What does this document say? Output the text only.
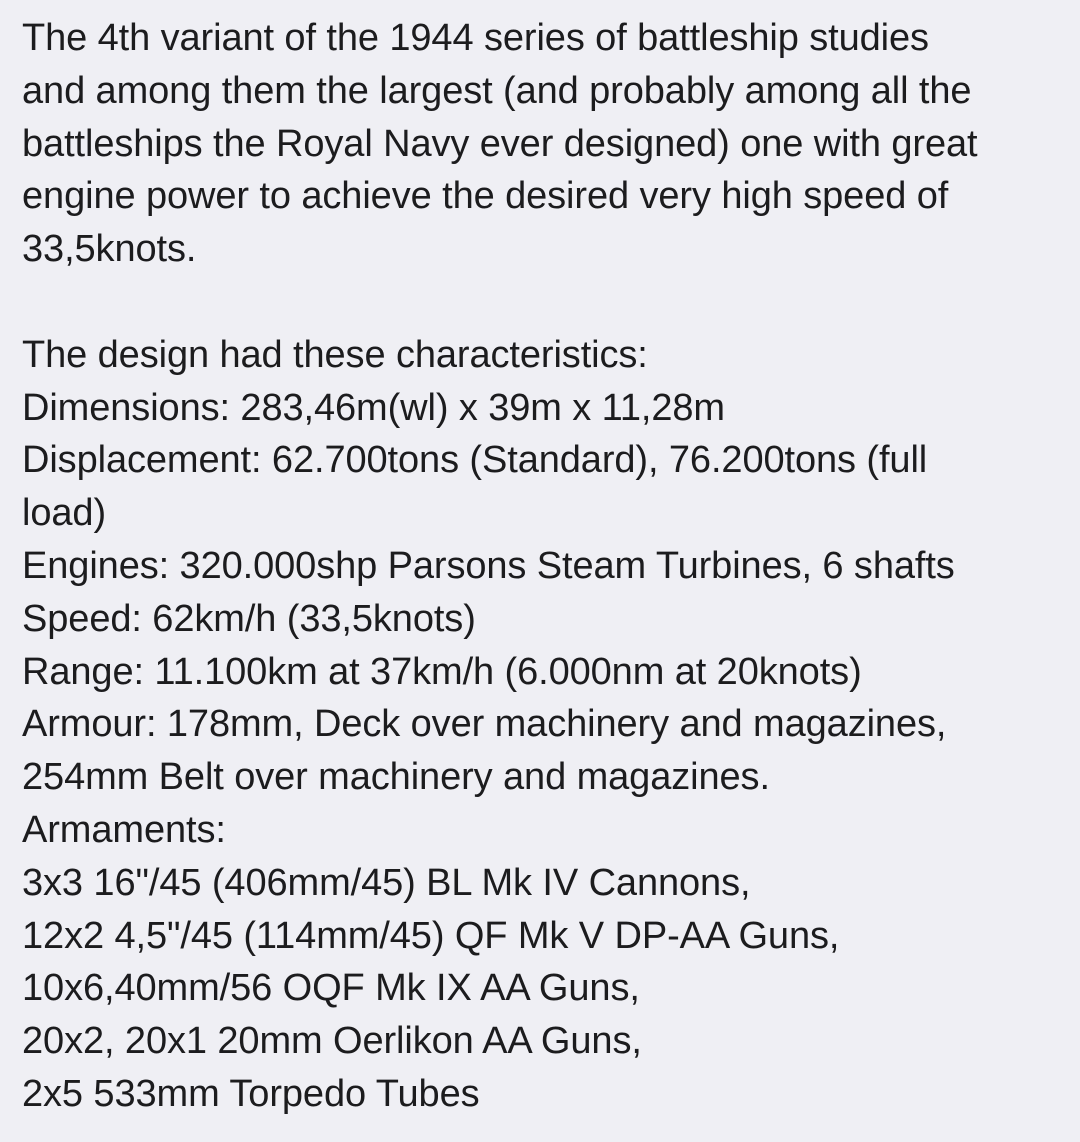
The 4th variant of the 1944 series of battleship studies
and among them the largest (and probably among all the
battleships the Royal Navy ever designed) one with great
engine power to achieve the desired very high speed of
33,5knots.
The design had these characteristics:
Dimensions: 283,46m(wl) x 39m x 11,28m
Displacement: 62.700tons (Standard), 76.200tons (full
load)
Engines: 320.000shp Parsons Steam Turbines, 6 shafts
Speed: 62km/h (33,5knots)
Range: 11.100km at 37km/h (6.000nm at 20knots)
Armour: 178mm, Deck over machinery and magazines,
254mm Belt over machinery and magazines.
Armaments:
3x3 16"/45 (406mm/45) BL Mk IV Cannons,
12x2 4,5"/45 (114mm/45) QF Mk V DP-AA Guns,
10x6,40mm/56 OQF Mk IX AA Guns,
20x2, 20x1 20mm Oerlikon AA Guns,
2x5 533mm Torpedo Tubes
